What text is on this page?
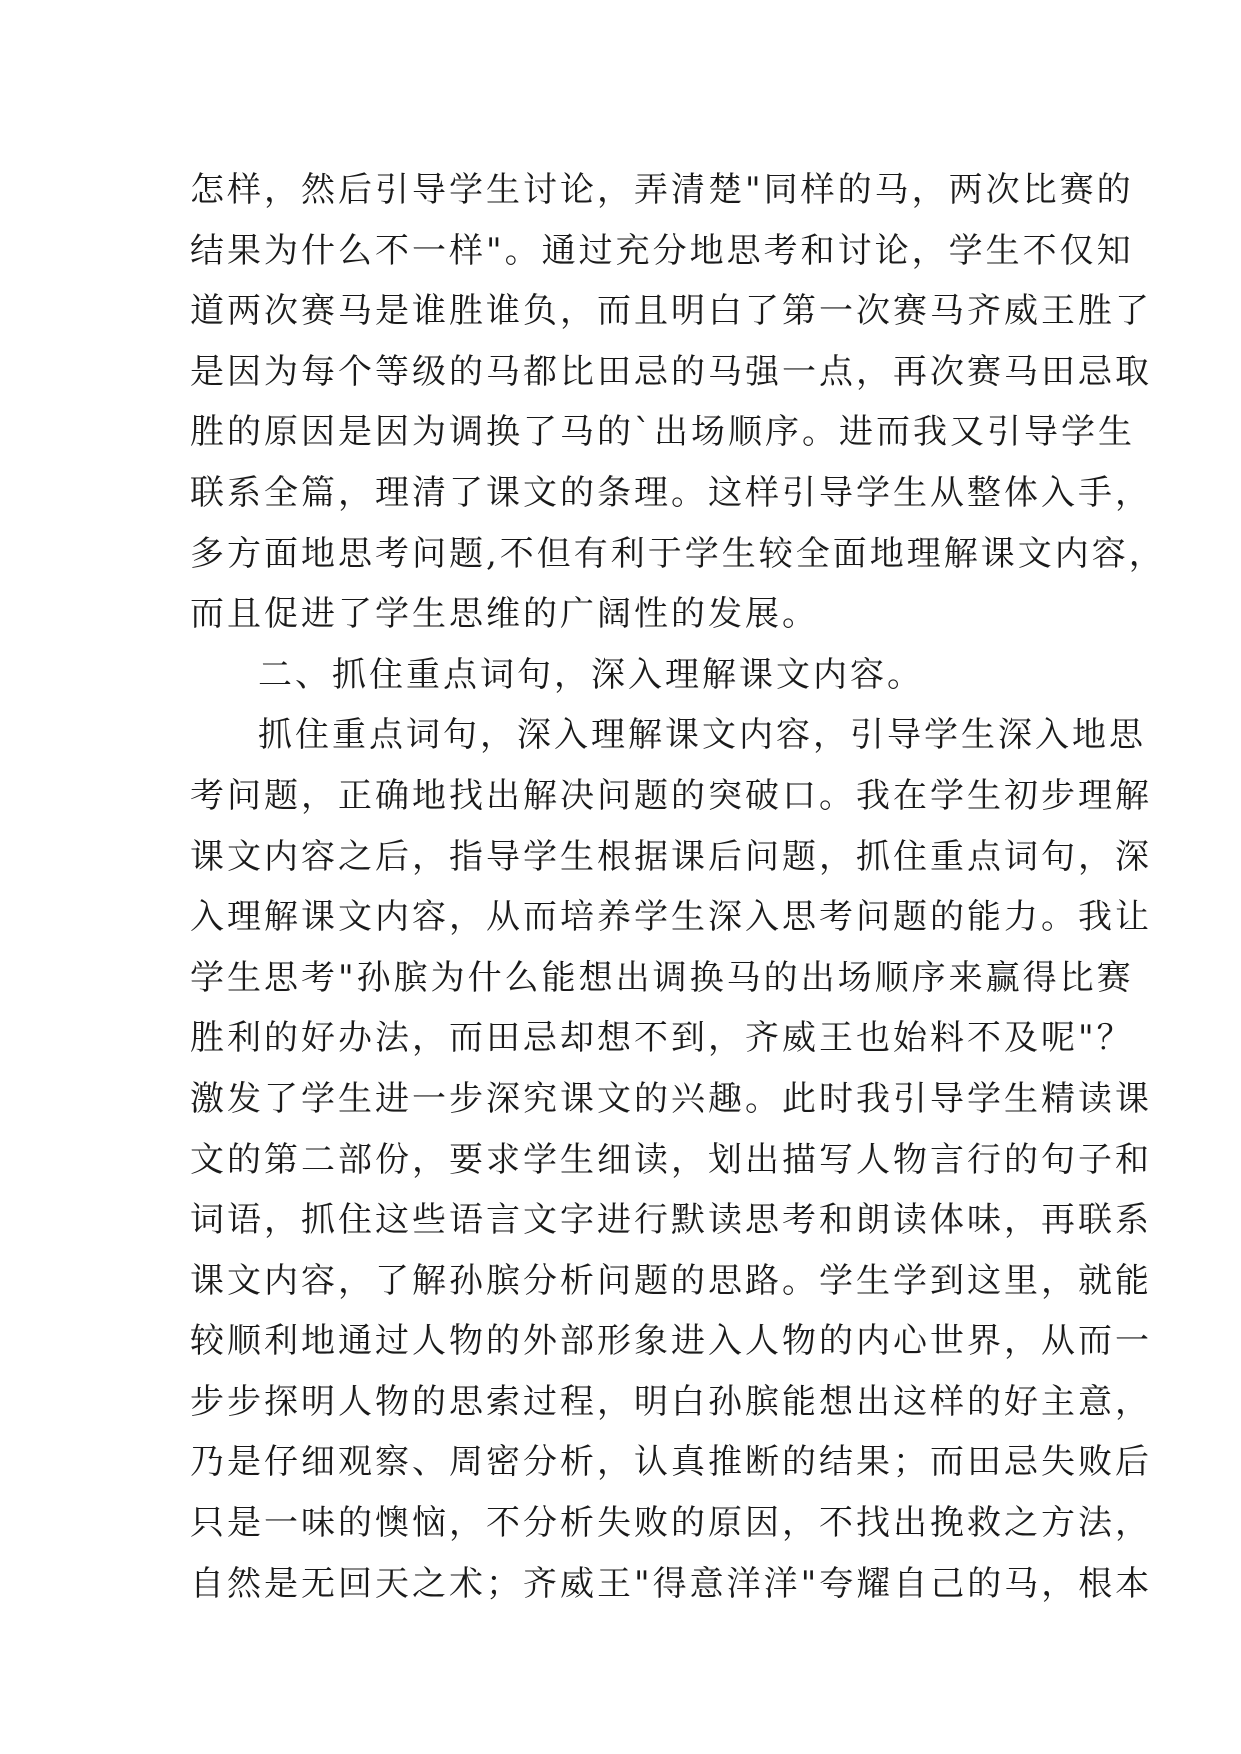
怎样，然后引导学生讨论，弄清楚"同样的马，两次比赛的
结果为什么不一样"。通过充分地思考和讨论，学生不仅知
道两次赛马是谁胜谁负，而且明白了第一次赛马齐威王胜了
是因为每个等级的马都比田忌的马强一点，再次赛马田忌取
胜的原因是因为调换了马的`出场顺序。进而我又引导学生
联系全篇，理清了课文的条理。这样引导学生从整体入手，
多方面地思考问题,不但有利于学生较全面地理解课文内容，
而且促进了学生思维的广阔性的发展。
二、抓住重点词句，深入理解课文内容。
抓住重点词句，深入理解课文内容，引导学生深入地思
考问题，正确地找出解决问题的突破口。我在学生初步理解
课文内容之后，指导学生根据课后问题，抓住重点词句，深
入理解课文内容，从而培养学生深入思考问题的能力。我让
学生思考"孙膑为什么能想出调换马的出场顺序来赢得比赛
胜利的好办法，而田忌却想不到，齐威王也始料不及呢"？
激发了学生进一步深究课文的兴趣。此时我引导学生精读课
文的第二部份，要求学生细读，划出描写人物言行的句子和
词语，抓住这些语言文字进行默读思考和朗读体味，再联系
课文内容，了解孙膑分析问题的思路。学生学到这里，就能
较顺利地通过人物的外部形象进入人物的内心世界，从而一
步步探明人物的思索过程，明白孙膑能想出这样的好主意，
乃是仔细观察、周密分析，认真推断的结果；而田忌失败后
只是一味的懊恼，不分析失败的原因，不找出挽救之方法，
自然是无回天之术；齐威王"得意洋洋"夸耀自己的马，根本
